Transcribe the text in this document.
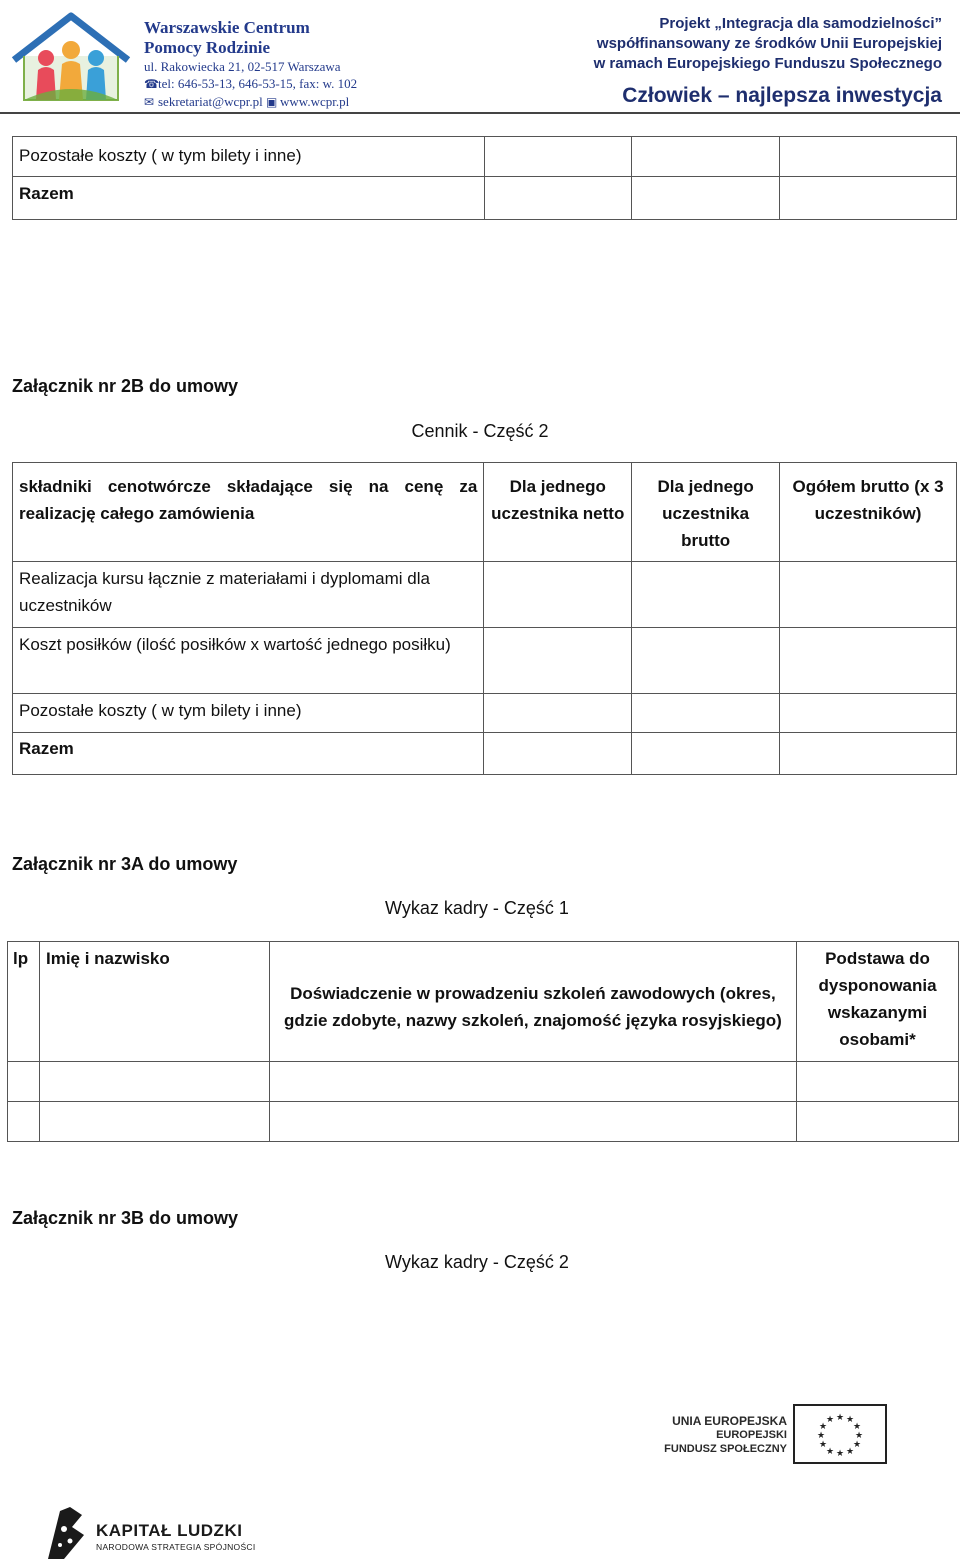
Warszawskie Centrum
Pomocy Rodzinie
ul. Rakowiecka 21, 02-517 Warszawa
☎tel: 646-53-13, 646-53-15, fax: w. 102
✉ sekretariat@wcpr.pl ▣ www.wcpr.pl
Projekt „Integracja dla samodzielności”
współfinansowany ze środków Unii Europejskiej
w ramach Europejskiego Funduszu Społecznego
Człowiek – najlepsza inwestycja
Pozostałe koszty ( w tym bilety i inne)			
Razem			
Załącznik nr 2B do umowy
Cennik - Część 2
składniki cenotwórcze składające się na cenę za realizację całego zamówienia	Dla jednego uczestnika netto	Dla jednego uczestnika brutto	Ogółem brutto (x 3 uczestników)
Realizacja kursu łącznie z materiałami i dyplomami dla uczestników			
Koszt posiłków (ilość posiłków x wartość jednego posiłku)			
Pozostałe koszty ( w tym bilety i inne)			
Razem			
Załącznik nr 3A do umowy
Wykaz kadry - Część 1
lp	Imię i nazwisko	Doświadczenie w prowadzeniu szkoleń zawodowych (okres, gdzie zdobyte, nazwy szkoleń, znajomość języka rosyjskiego)	Podstawa do dysponowania wskazanymi osobami*

Załącznik nr 3B do umowy
Wykaz kadry - Część 2
UNIA EUROPEJSKA
EUROPEJSKI
FUNDUSZ SPOŁECZNY
★ ★
★
★
★
★
★
★
★
★
★
★
KAPITAŁ LUDZKI
NARODOWA STRATEGIA SPÓJNOŚCI
